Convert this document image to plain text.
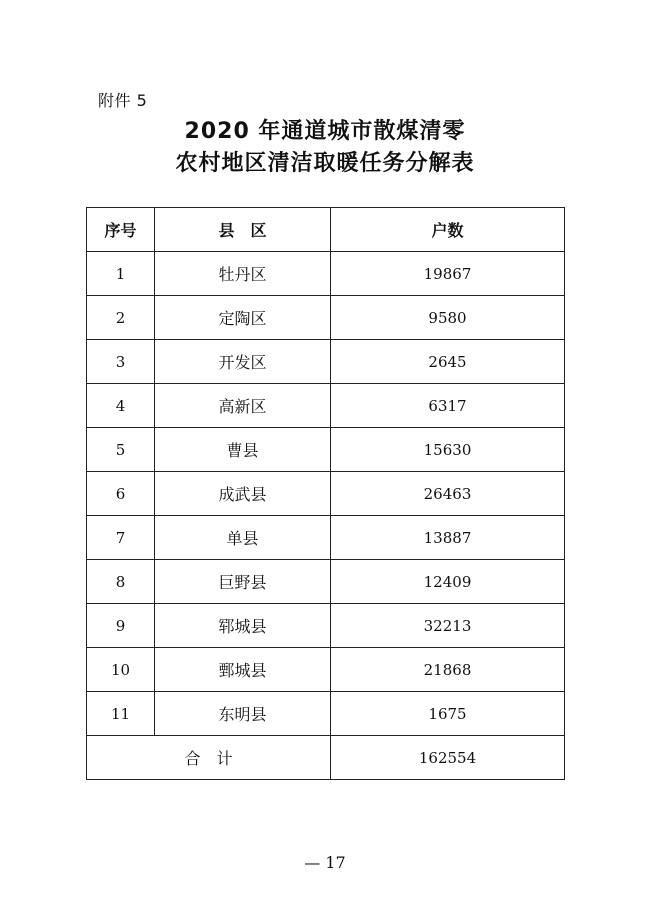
附件 5
2020 年通道城市散煤清零
农村地区清洁取暖任务分解表
序号	县　区	户数
1	牡丹区	19867
2	定陶区	9580
3	开发区	2645
4	高新区	6317
5	曹县	15630
6	成武县	26463
7	单县	13887
8	巨野县	12409
9	郓城县	32213
10	鄄城县	21868
11	东明县	1675
合　计		162554
— 17
